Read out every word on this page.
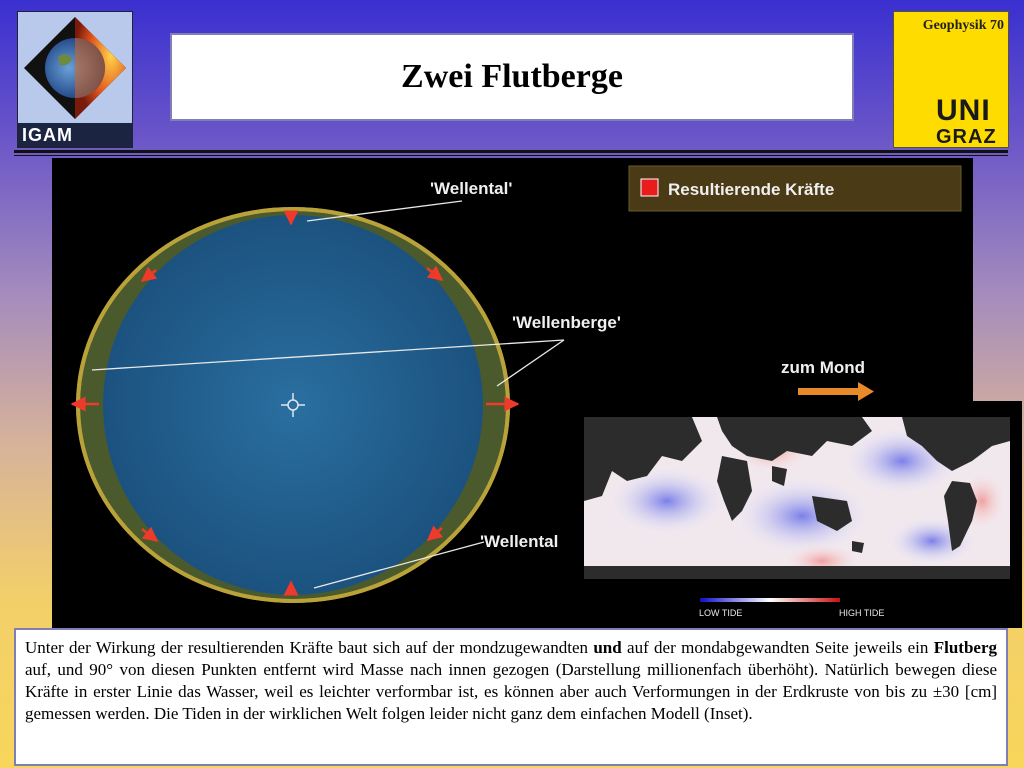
IGAM
Zwei Flutberge
Geophysik 70
UNI
GRAZ
'Wellental'
'Wellenberge'
'Wellental
Resultierende Kräfte
zum Mond
LOW TIDE	HIGH TIDE
Unter der Wirkung der resultierenden Kräfte baut sich auf der mondzugewandten und auf der mondabgewandten Seite jeweils ein Flutberg auf, und 90° von diesen Punkten entfernt wird Masse nach innen gezogen (Darstellung millionenfach überhöht). Natürlich bewegen diese Kräfte in erster Linie das Wasser, weil es leichter verformbar ist, es können aber auch Verformungen in der Erdkruste von bis zu ±30 [cm] gemessen werden. Die Tiden in der wirklichen Welt folgen leider nicht ganz dem einfachen Modell (Inset).
